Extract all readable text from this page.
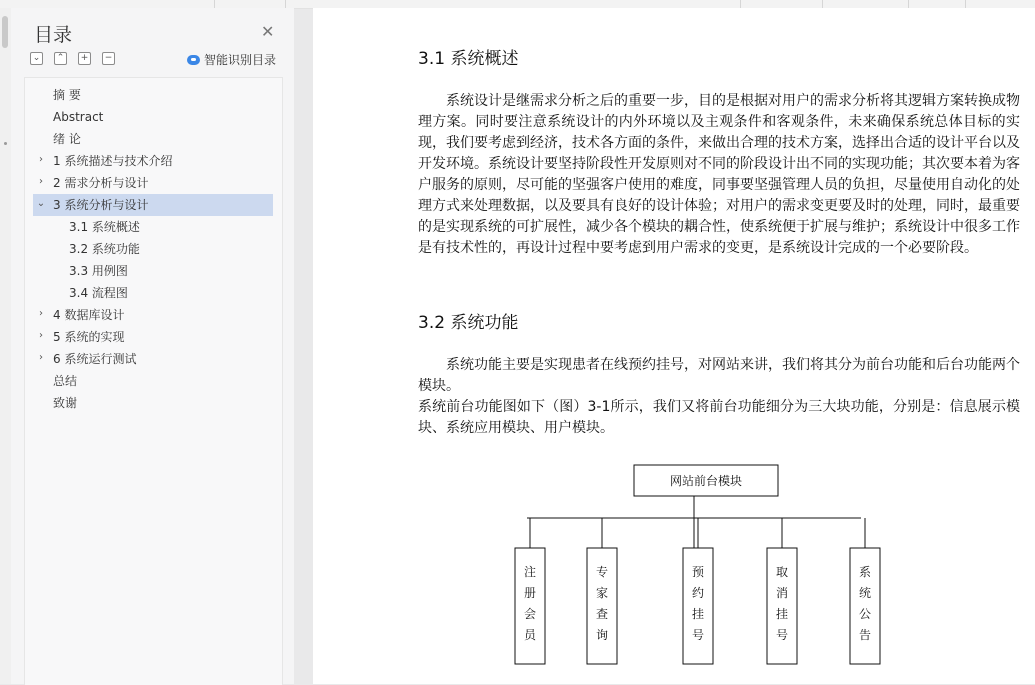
目录	✕
⌄	⌃	+	−	智能识别目录
摘 要
Abstract
绪 论
› 1 系统描述与技术介绍
› 2 需求分析与设计
3 系统分析与设计
⌄
3.1 系统概述
3.2 系统功能
3.3 用例图
3.4 流程图
› 4 数据库设计
› 5 系统的实现
› 6 系统运行测试
总结
致谢
3.1 系统概述

系统设计是继需求分析之后的重要一步，目的是根据对用户的需求分析将其逻辑方案转换成物理方案。同时要注意系统设计的内外环境以及主观条件和客观条件，未来确保系统总体目标的实现，我们要考虑到经济，技术各方面的条件，来做出合理的技术方案，选择出合适的设计平台以及开发环境。系统设计要坚持阶段性开发原则对不同的阶段设计出不同的实现功能；其次要本着为客户服务的原则，尽可能的坚强客户使用的难度，同事要坚强管理人员的负担，尽量使用自动化的处理方式来处理数据，以及要具有良好的设计体验；对用户的需求变更要及时的处理，同时，最重要的是实现系统的可扩展性，减少各个模块的耦合性，使系统便于扩展与维护；系统设计中很多工作是有技术性的，再设计过程中要考虑到用户需求的变更，是系统设计完成的一个必要阶段。

3.2 系统功能

系统功能主要是实现患者在线预约挂号，对网站来讲，我们将其分为前台功能和后台功能两个模块。

系统前台功能图如下（图）3-1所示，我们又将前台功能细分为三大块功能，分别是：信息展示模块、系统应用模块、用户模块。

网站前台模块
注册会员
专家查询
预约挂号
取消挂号
系统公告
